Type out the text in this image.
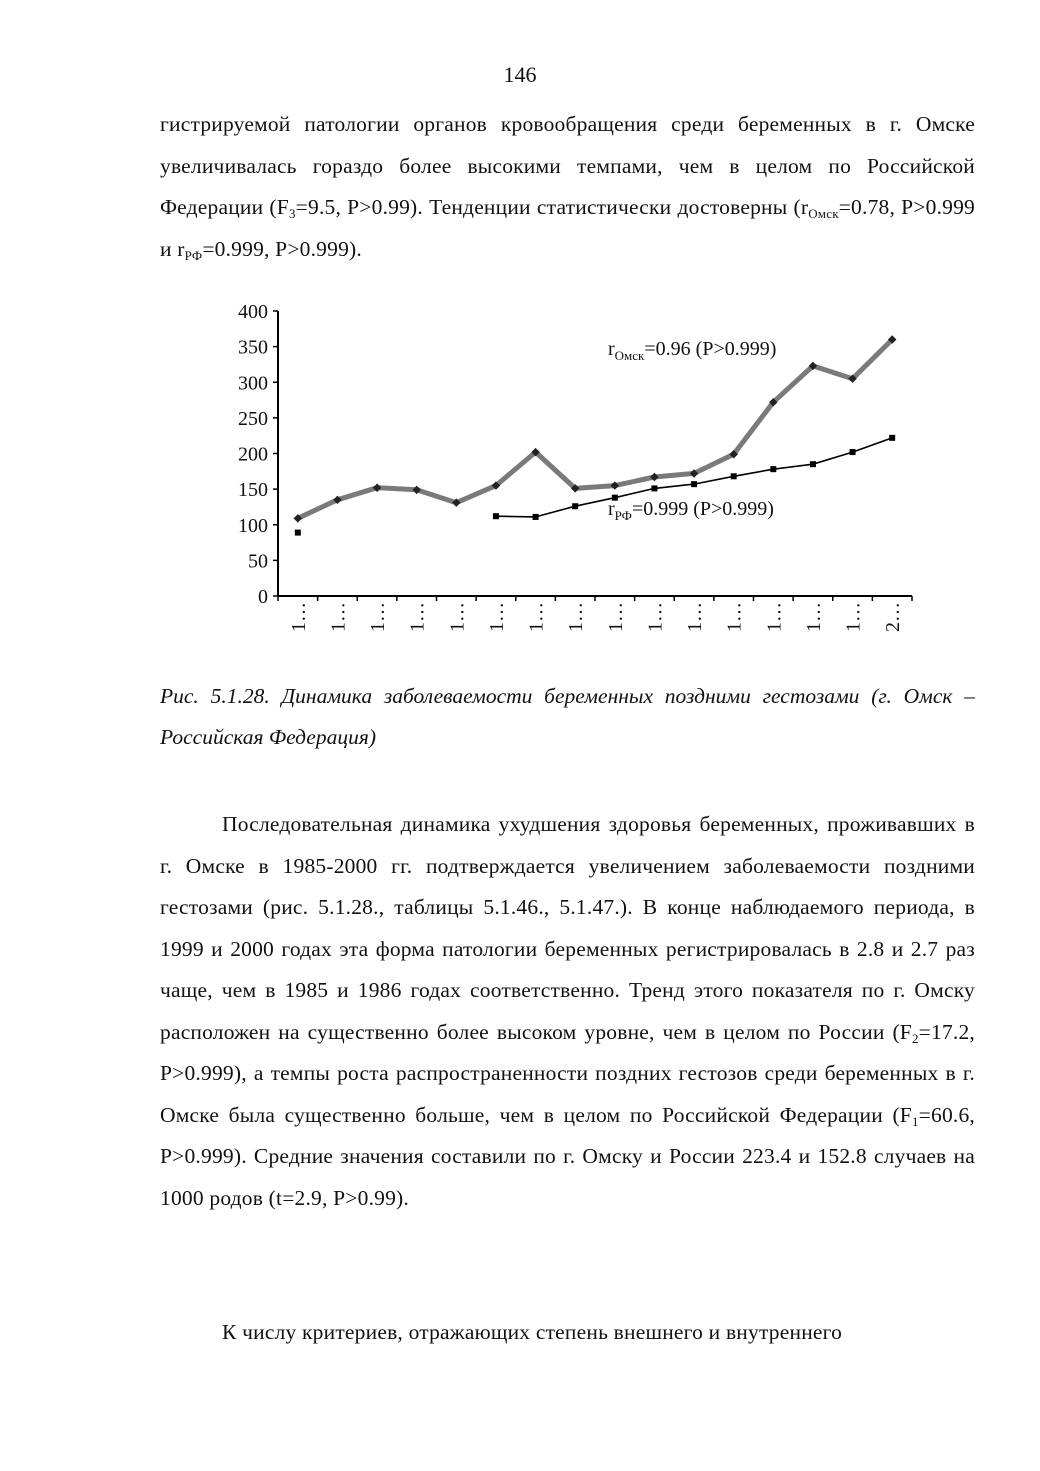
146
гистрируемой патологии органов кровообращения среди беременных в г. Омске увеличивалась гораздо более высокими темпами, чем в целом по Российской Федерации ($F_3=9.5$, P>0.99). Тенденции статистически достоверны ($r_{Омск}=0.78$, P>0.999 и $r_{РФ}=0.999$, P>0.999).
0
50
100
150
200
250
300
350
400
1… 1… 1… 1… 1… 1… 1… 1… 1… 1… 1… 1… 1… 1… 1… 2…
$r_{Омск}=0.96$ (P>0.999)
$r_{РФ}=0.999$ (P>0.999)
Рис. 5.1.28. Динамика заболеваемости беременных поздними гестозами (г. Омск – Российская Федерация)
Последовательная динамика ухудшения здоровья беременных, проживавших в г. Омске в 1985-2000 гг. подтверждается увеличением заболеваемости поздними гестозами (рис. 5.1.28., таблицы 5.1.46., 5.1.47.). В конце наблюдаемого периода, в 1999 и 2000 годах эта форма патологии беременных регистрировалась в 2.8 и 2.7 раз чаще, чем в 1985 и 1986 годах соответственно. Тренд этого показателя по г. Омску расположен на существенно более высоком уровне, чем в целом по России ($F_2=17.2$, P>0.999), а темпы роста распространенности поздних гестозов среди беременных в г. Омске была существенно больше, чем в целом по Российской Федерации ($F_1=60.6$, P>0.999). Средние значения составили по г. Омску и России 223.4 и 152.8 случаев на 1000 родов (t=2.9, P>0.99).
К числу критериев, отражающих степень внешнего и внутреннего
